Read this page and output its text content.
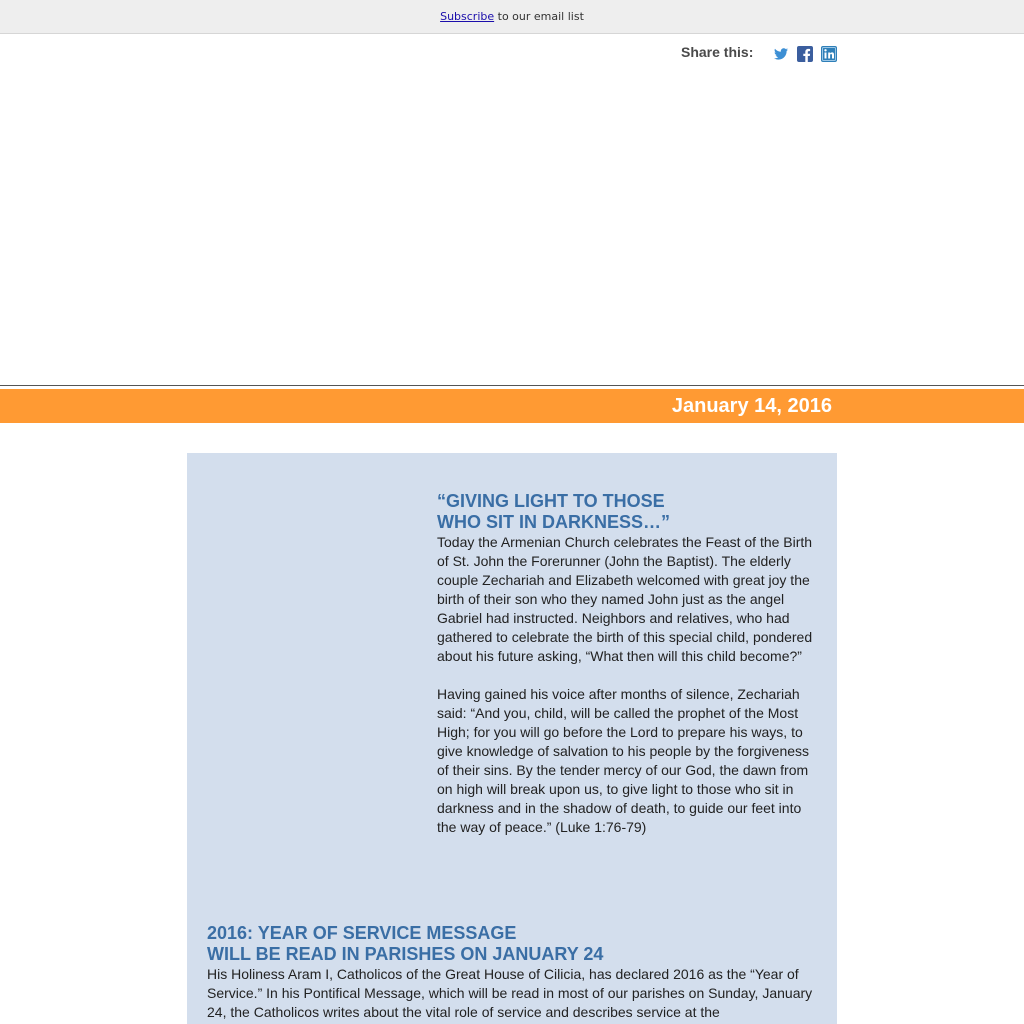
Subscribe to our email list
Share this:
January 14, 2016

“GIVING LIGHT TO THOSE
WHO SIT IN DARKNESS…”

Today the Armenian Church celebrates the Feast of the Birth of St. John the Forerunner (John the Baptist). The elderly couple Zechariah and Elizabeth welcomed with great joy the birth of their son who they named John just as the angel Gabriel had instructed. Neighbors and relatives, who had gathered to celebrate the birth of this special child, pondered about his future asking, “What then will this child become?”

Having gained his voice after months of silence, Zechariah said: “And you, child, will be called the prophet of the Most High; for you will go before the Lord to prepare his ways, to give knowledge of salvation to his people by the forgiveness of their sins. By the tender mercy of our God, the dawn from on high will break upon us, to give light to those who sit in darkness and in the shadow of death, to guide our feet into the way of peace.” (Luke 1:76-79)

2016: YEAR OF SERVICE MESSAGE
WILL BE READ IN PARISHES ON JANUARY 24

His Holiness Aram I, Catholicos of the Great House of Cilicia, has declared 2016 as the “Year of Service.” In his Pontifical Message, which will be read in most of our parishes on Sunday, January 24, the Catholicos writes about the vital role of service and describes service at the
